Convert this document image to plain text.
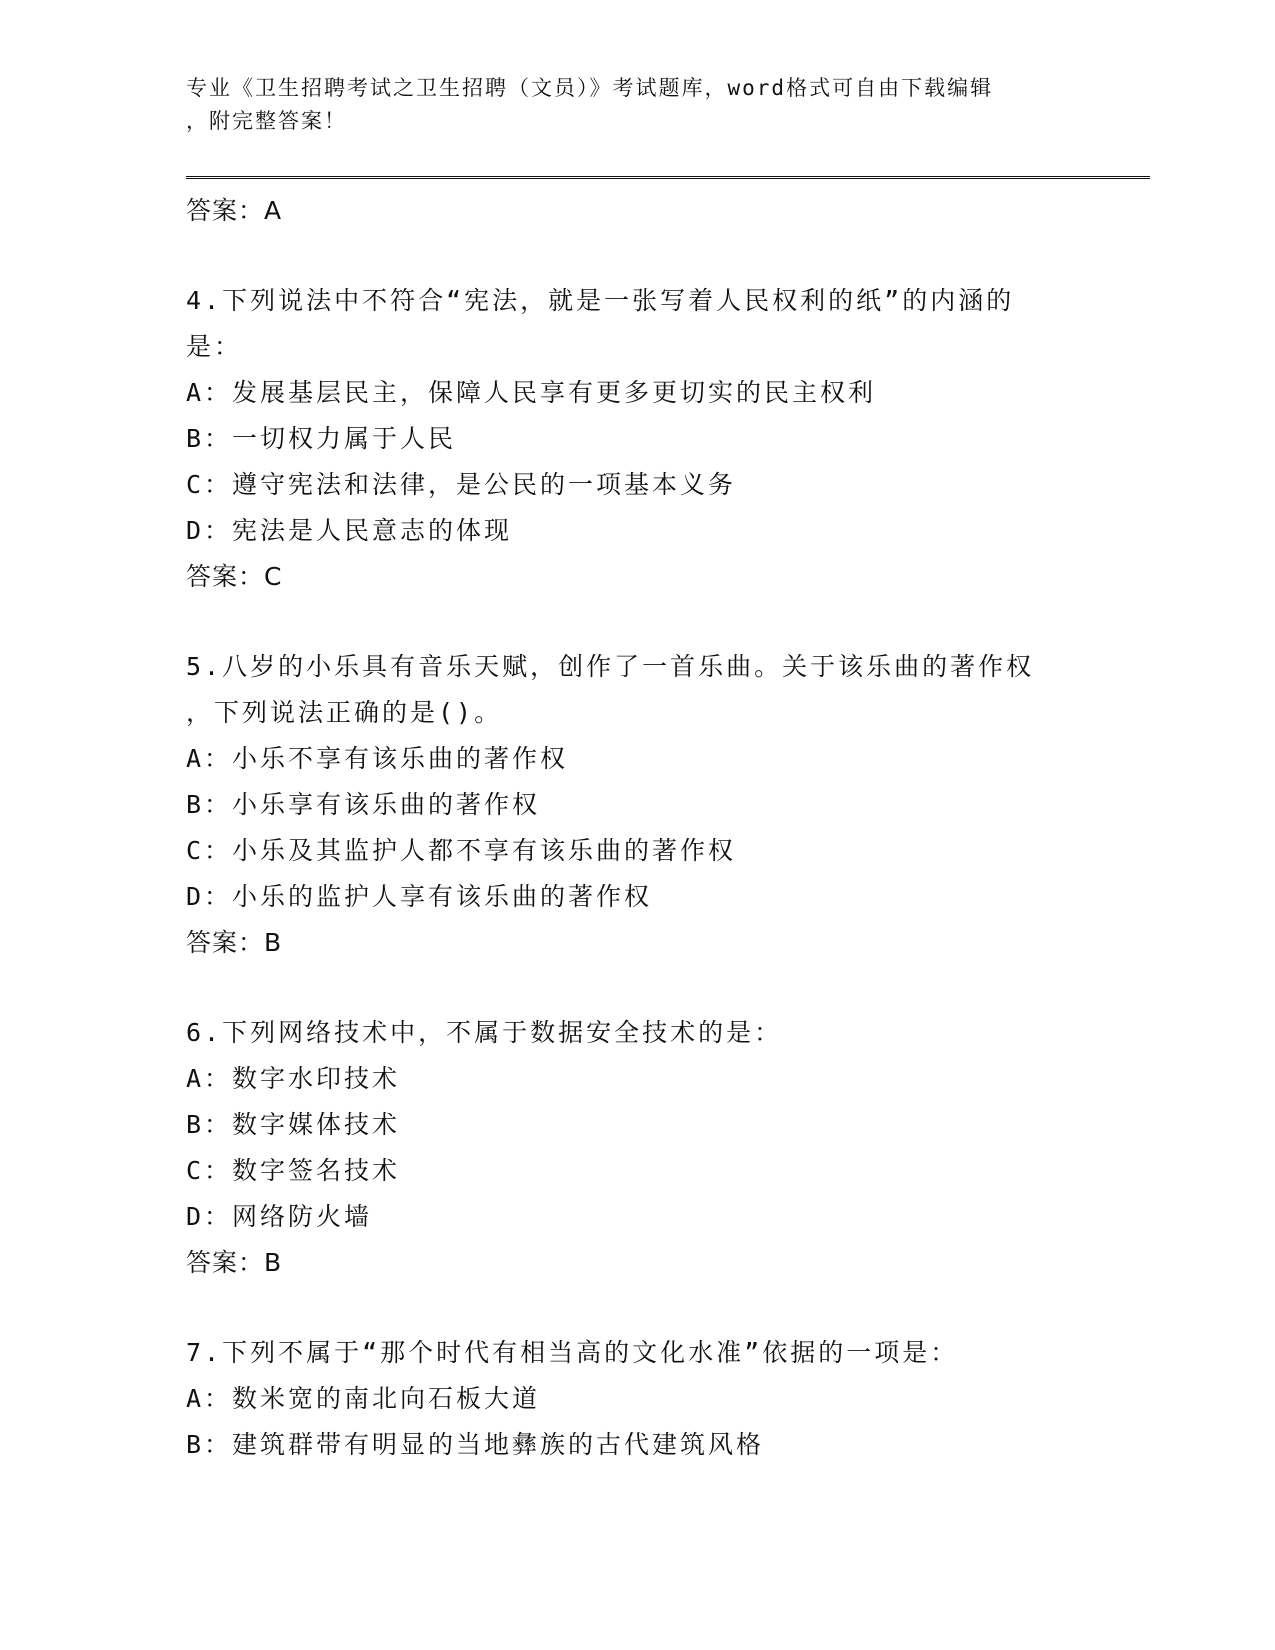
专业《卫生招聘考试之卫生招聘（文员）》考试题库，word格式可自由下载编辑
，附完整答案！
答案：A
4.下列说法中不符合“宪法，就是一张写着人民权利的纸”的内涵的
是：
A：发展基层民主，保障人民享有更多更切实的民主权利
B：一切权力属于人民
C：遵守宪法和法律，是公民的一项基本义务
D：宪法是人民意志的体现
答案：C
5.八岁的小乐具有音乐天赋，创作了一首乐曲。关于该乐曲的著作权
，下列说法正确的是()。
A：小乐不享有该乐曲的著作权
B：小乐享有该乐曲的著作权
C：小乐及其监护人都不享有该乐曲的著作权
D：小乐的监护人享有该乐曲的著作权
答案：B
6.下列网络技术中，不属于数据安全技术的是：
A：数字水印技术
B：数字媒体技术
C：数字签名技术
D：网络防火墙
答案：B
7.下列不属于“那个时代有相当高的文化水准”依据的一项是：
A：数米宽的南北向石板大道
B：建筑群带有明显的当地彝族的古代建筑风格
